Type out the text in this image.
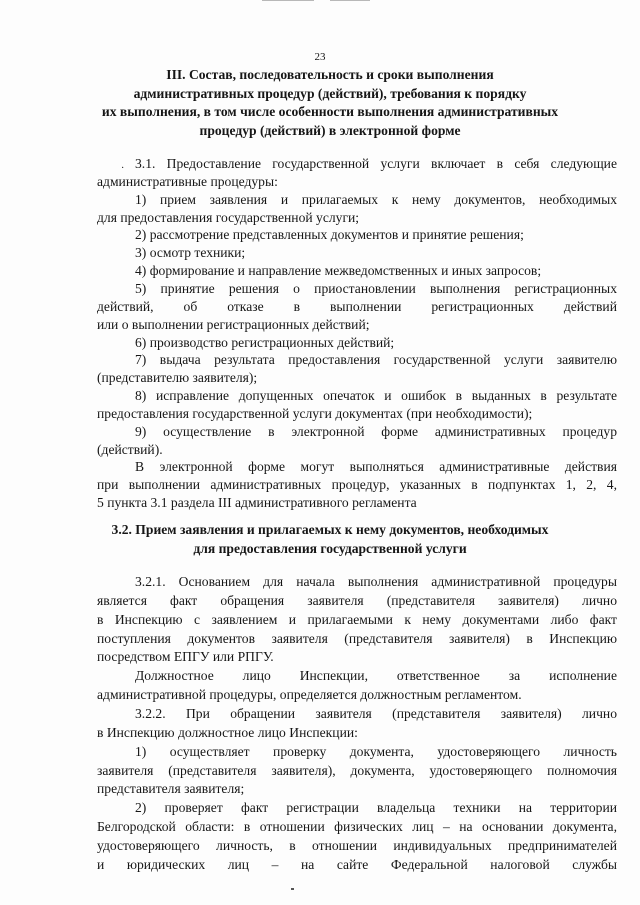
23
III. Состав, последовательность и сроки выполнения
административных процедур (действий), требования к порядку
их выполнения, в том числе особенности выполнения административных
процедур (действий) в электронной форме
· 3.1. Предоставление государственной услуги включает в себя следующие
административные процедуры:
1) прием заявления и прилагаемых к нему документов, необходимых
для предоставления государственной услуги;
2) рассмотрение представленных документов и принятие решения;
3) осмотр техники;
4) формирование и направление межведомственных и иных запросов;
5) принятие решения о приостановлении выполнения регистрационных
действий, об отказе в выполнении регистрационных действий
или о выполнении регистрационных действий;
6) производство регистрационных действий;
7) выдача результата предоставления государственной услуги заявителю
(представителю заявителя);
8) исправление допущенных опечаток и ошибок в выданных в результате
предоставления государственной услуги документах (при необходимости);
9) осуществление в электронной форме административных процедур
(действий).
В электронной форме могут выполняться административные действия
при выполнении административных процедур, указанных в подпунктах 1, 2, 4,
5 пункта 3.1 раздела III административного регламента
3.2. Прием заявления и прилагаемых к нему документов, необходимых
для предоставления государственной услуги
3.2.1. Основанием для начала выполнения административной процедуры
является факт обращения заявителя (представителя заявителя) лично
в Инспекцию с заявлением и прилагаемыми к нему документами либо факт
поступления документов заявителя (представителя заявителя) в Инспекцию
посредством ЕПГУ или РПГУ.
Должностное лицо Инспекции, ответственное за исполнение
административной процедуры, определяется должностным регламентом.
3.2.2. При обращении заявителя (представителя заявителя) лично
в Инспекцию должностное лицо Инспекции:
1) осуществляет проверку документа, удостоверяющего личность
заявителя (представителя заявителя), документа, удостоверяющего полномочия
представителя заявителя;
2) проверяет факт регистрации владельца техники на территории
Белгородской области: в отношении физических лиц – на основании документа,
удостоверяющего личность, в отношении индивидуальных предпринимателей
и юридических лиц – на сайте Федеральной налоговой службы
